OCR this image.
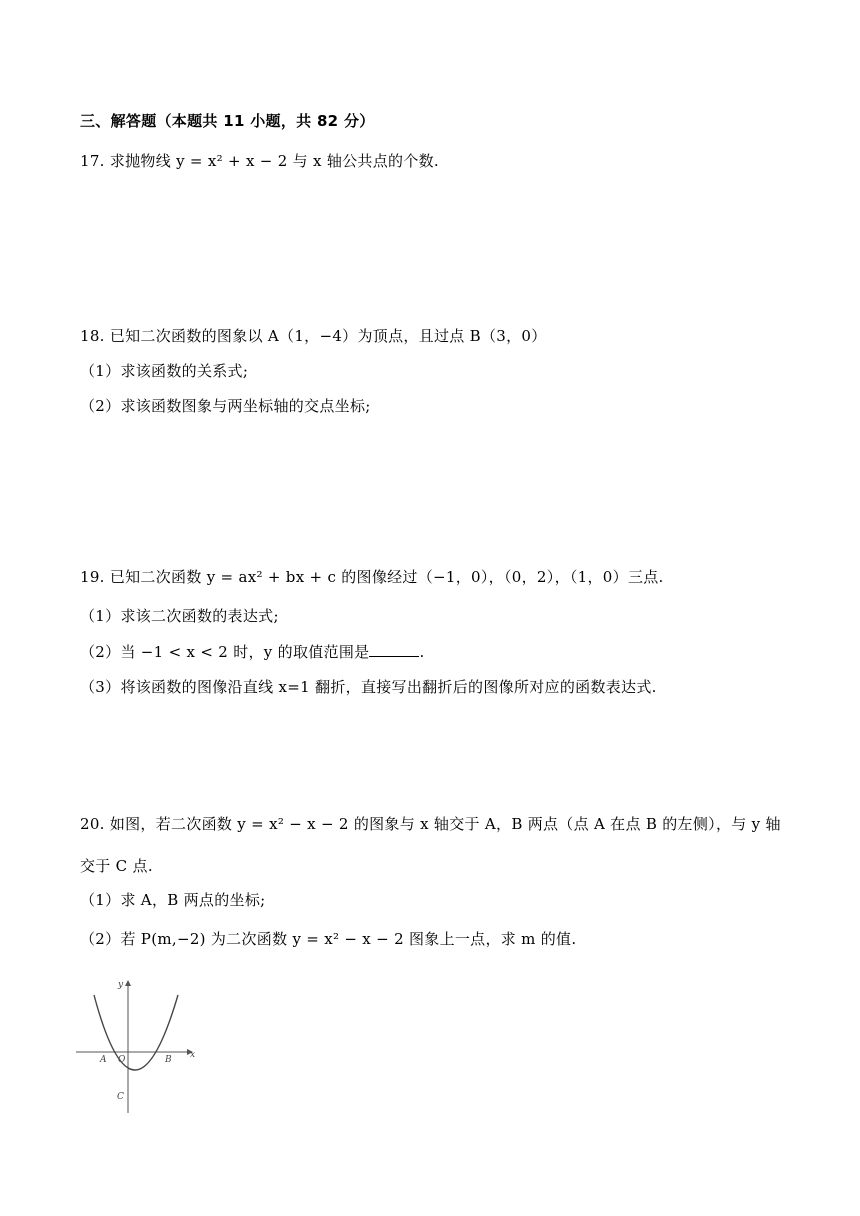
三、解答题（本题共 11 小题，共 82 分）
17. 求抛物线 y = x² + x − 2 与 x 轴公共点的个数.
18. 已知二次函数的图象以 A（1，−4）为顶点，且过点 B（3，0）
（1）求该函数的关系式;
（2）求该函数图象与两坐标轴的交点坐标;
19. 已知二次函数 y = ax² + bx + c 的图像经过（−1，0），（0，2），（1，0）三点.
（1）求该二次函数的表达式;
（2）当 −1 < x < 2 时，y 的取值范围是	.
（3）将该函数的图像沿直线 x=1 翻折，直接写出翻折后的图像所对应的函数表达式.
20. 如图，若二次函数 y = x² − x − 2 的图象与 x 轴交于 A，B 两点（点 A 在点 B 的左侧），与 y 轴
交于 C 点.
（1）求 A，B 两点的坐标;
（2）若 P(m,−2) 为二次函数 y = x² − x − 2 图象上一点，求 m 的值.
y
x
O
A	B
C
